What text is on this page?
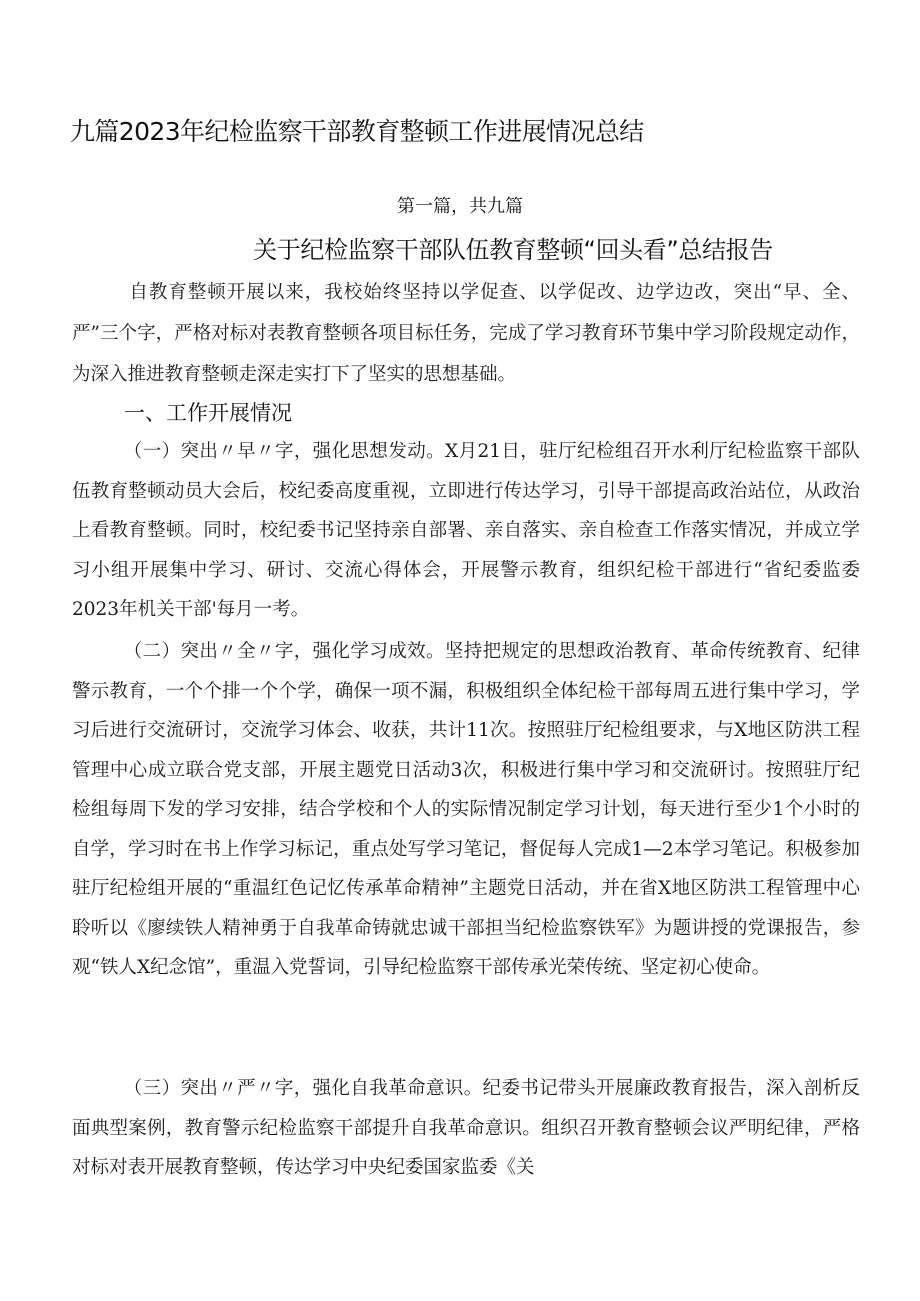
九篇2023年纪检监察干部教育整顿工作进展情况总结
第一篇，共九篇
关于纪检监察干部队伍教育整顿“回头看”总结报告

自教育整顿开展以来，我校始终坚持以学促查、以学促改、边学边改，突出“早、全、严”三个字，严格对标对表教育整顿各项目标任务，完成了学习教育环节集中学习阶段规定动作，为深入推进教育整顿走深走实打下了坚实的思想基础。

一、工作开展情况

（一）突出〃早〃字，强化思想发动。X月21日，驻厅纪检组召开水利厅纪检监察干部队伍教育整顿动员大会后，校纪委高度重视，立即进行传达学习，引导干部提高政治站位，从政治上看教育整顿。同时，校纪委书记坚持亲自部署、亲自落实、亲自检查工作落实情况，并成立学习小组开展集中学习、研讨、交流心得体会，开展警示教育，组织纪检干部进行“省纪委监委2023年机关干部'每月一考。

（二）突出〃全〃字，强化学习成效。坚持把规定的思想政治教育、革命传统教育、纪律警示教育，一个个排一个个学，确保一项不漏，积极组织全体纪检干部每周五进行集中学习，学习后进行交流研讨，交流学习体会、收获，共计11次。按照驻厅纪检组要求，与X地区防洪工程管理中心成立联合党支部，开展主题党日活动3次，积极进行集中学习和交流研讨。按照驻厅纪检组每周下发的学习安排，结合学校和个人的实际情况制定学习计划，每天进行至少1个小时的自学，学习时在书上作学习标记，重点处写学习笔记，督促每人完成1—2本学习笔记。积极参加驻厅纪检组开展的“重温红色记忆传承革命精神”主题党日活动，并在省X地区防洪工程管理中心聆听以《廖续铁人精神勇于自我革命铸就忠诚干部担当纪检监察铁军》为题讲授的党课报告，参观“铁人X纪念馆”，重温入党誓词，引导纪检监察干部传承光荣传统、坚定初心使命。

（三）突出〃严〃字，强化自我革命意识。纪委书记带头开展廉政教育报告，深入剖析反面典型案例，教育警示纪检监察干部提升自我革命意识。组织召开教育整顿会议严明纪律，严格对标对表开展教育整顿，传达学习中央纪委国家监委《关
